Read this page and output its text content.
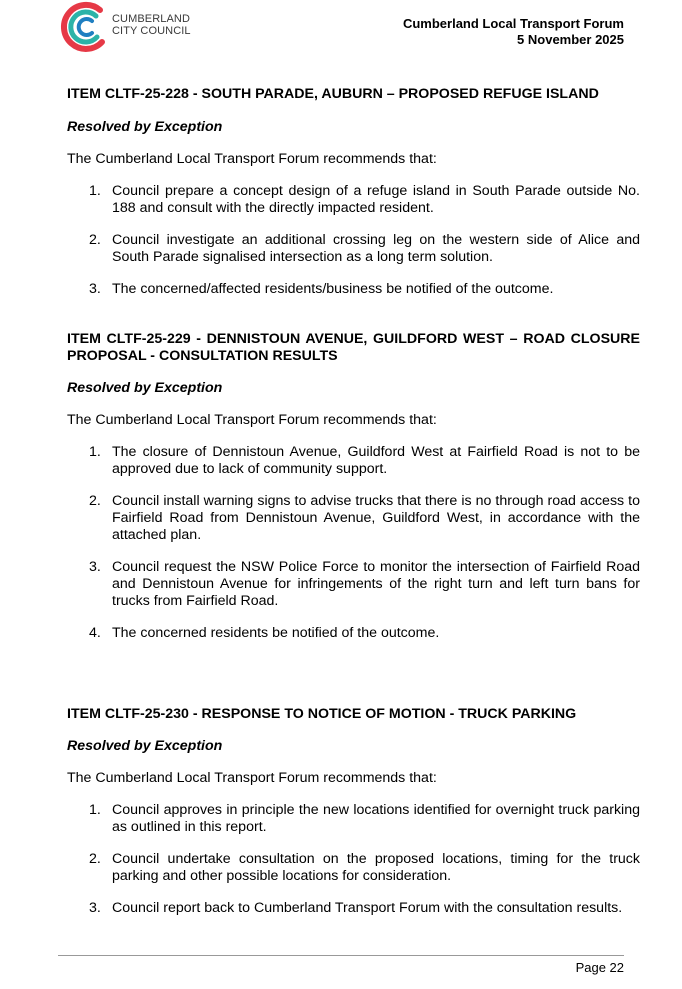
CUMBERLAND
CITY COUNCIL	Cumberland Local Transport Forum
5 November 2025
ITEM CLTF-25-228 - SOUTH PARADE, AUBURN – PROPOSED REFUGE ISLAND

Resolved by Exception

The Cumberland Local Transport Forum recommends that:

1. Council prepare a concept design of a refuge island in South Parade outside No. 188 and consult with the directly impacted resident.
2. Council investigate an additional crossing leg on the western side of Alice and South Parade signalised intersection as a long term solution.
3. The concerned/affected residents/business be notified of the outcome.
ITEM CLTF-25-229 - DENNISTOUN AVENUE, GUILDFORD WEST – ROAD CLOSURE PROPOSAL - CONSULTATION RESULTS

Resolved by Exception

The Cumberland Local Transport Forum recommends that:

1. The closure of Dennistoun Avenue, Guildford West at Fairfield Road is not to be approved due to lack of community support.
2. Council install warning signs to advise trucks that there is no through road access to Fairfield Road from Dennistoun Avenue, Guildford West, in accordance with the attached plan.
3. Council request the NSW Police Force to monitor the intersection of Fairfield Road and Dennistoun Avenue for infringements of the right turn and left turn bans for trucks from Fairfield Road.
4. The concerned residents be notified of the outcome.
ITEM CLTF-25-230 - RESPONSE TO NOTICE OF MOTION - TRUCK PARKING

Resolved by Exception

The Cumberland Local Transport Forum recommends that:

1. Council approves in principle the new locations identified for overnight truck parking as outlined in this report.
2. Council undertake consultation on the proposed locations, timing for the truck parking and other possible locations for consideration.
3. Council report back to Cumberland Transport Forum with the consultation results.
Page 22
